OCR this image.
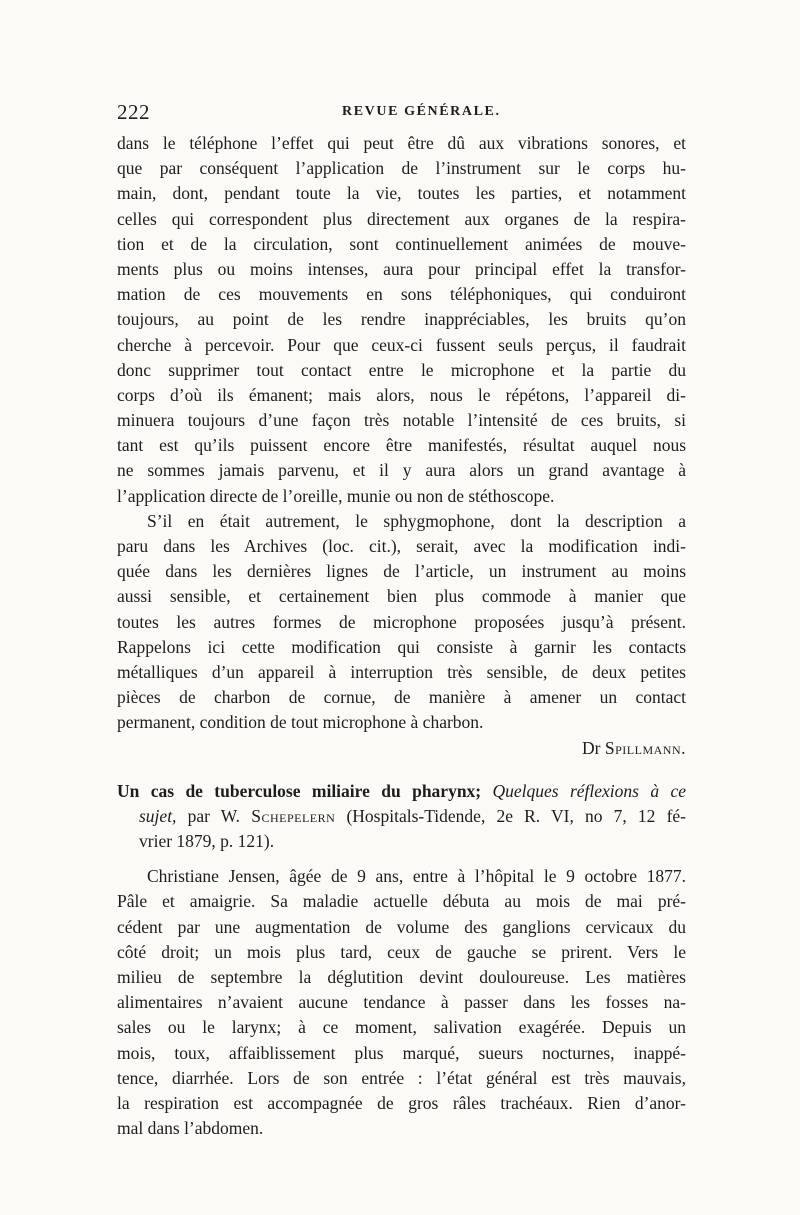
222	REVUE GÉNÉRALE.
dans le téléphone l’effet qui peut être dû aux vibrations sonores, et
que par conséquent l’application de l’instrument sur le corps hu-
main, dont, pendant toute la vie, toutes les parties, et notamment
celles qui correspondent plus directement aux organes de la respira-
tion et de la circulation, sont continuellement animées de mouve-
ments plus ou moins intenses, aura pour principal effet la transfor-
mation de ces mouvements en sons téléphoniques, qui conduiront
toujours, au point de les rendre inappréciables, les bruits qu’on
cherche à percevoir. Pour que ceux-ci fussent seuls perçus, il faudrait
donc supprimer tout contact entre le microphone et la partie du
corps d’où ils émanent; mais alors, nous le répétons, l’appareil di-
minuera toujours d’une façon très notable l’intensité de ces bruits, si
tant est qu’ils puissent encore être manifestés, résultat auquel nous
ne sommes jamais parvenu, et il y aura alors un grand avantage à
l’application directe de l’oreille, munie ou non de stéthoscope.
S’il en était autrement, le sphygmophone, dont la description a
paru dans les Archives (loc. cit.), serait, avec la modification indi-
quée dans les dernières lignes de l’article, un instrument au moins
aussi sensible, et certainement bien plus commode à manier que
toutes les autres formes de microphone proposées jusqu’à présent.
Rappelons ici cette modification qui consiste à garnir les contacts
métalliques d’un appareil à interruption très sensible, de deux petites
pièces de charbon de cornue, de manière à amener un contact
permanent, condition de tout microphone à charbon.
Dr Spillmann.
Un cas de tuberculose miliaire du pharynx; Quelques réflexions à ce
sujet, par W. Schepelern (Hospitals-Tidende, 2e R. VI, no 7, 12 fé-
vrier 1879, p. 121).
Christiane Jensen, âgée de 9 ans, entre à l’hôpital le 9 octobre 1877.
Pâle et amaigrie. Sa maladie actuelle débuta au mois de mai pré-
cédent par une augmentation de volume des ganglions cervicaux du
côté droit; un mois plus tard, ceux de gauche se prirent. Vers le
milieu de septembre la déglutition devint douloureuse. Les matières
alimentaires n’avaient aucune tendance à passer dans les fosses na-
sales ou le larynx; à ce moment, salivation exagérée. Depuis un
mois, toux, affaiblissement plus marqué, sueurs nocturnes, inappé-
tence, diarrhée. Lors de son entrée : l’état général est très mauvais,
la respiration est accompagnée de gros râles trachéaux. Rien d’anor-
mal dans l’abdomen.
